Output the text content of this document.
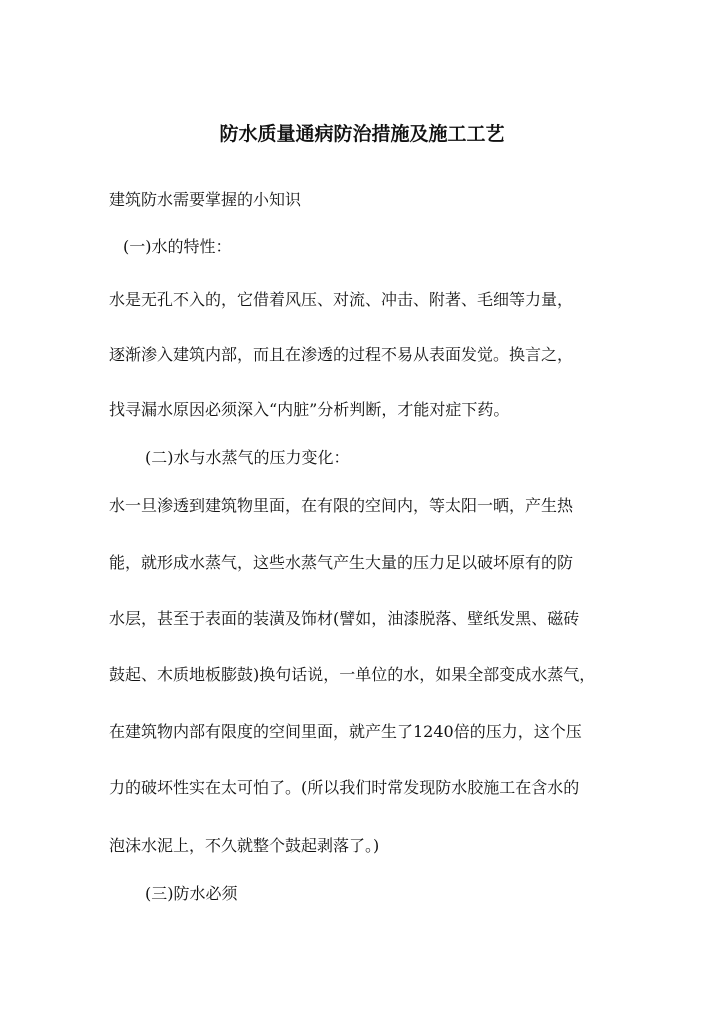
防水质量通病防治措施及施工工艺
建筑防水需要掌握的小知识
(一)水的特性：
水是无孔不入的，它借着风压、对流、冲击、附著、毛细等力量，
逐渐渗入建筑内部，而且在渗透的过程不易从表面发觉。换言之，
找寻漏水原因必须深入“内脏”分析判断，才能对症下药。
(二)水与水蒸气的压力变化：
水一旦渗透到建筑物里面，在有限的空间内，等太阳一晒，产生热
能，就形成水蒸气，这些水蒸气产生大量的压力足以破坏原有的防
水层，甚至于表面的装潢及饰材(譬如，油漆脱落、壁纸发黑、磁砖
鼓起、木质地板膨鼓)换句话说，一单位的水，如果全部变成水蒸气，
在建筑物内部有限度的空间里面，就产生了1240倍的压力，这个压
力的破坏性实在太可怕了。(所以我们时常发现防水胶施工在含水的
泡沫水泥上，不久就整个鼓起剥落了。)
(三)防水必须
